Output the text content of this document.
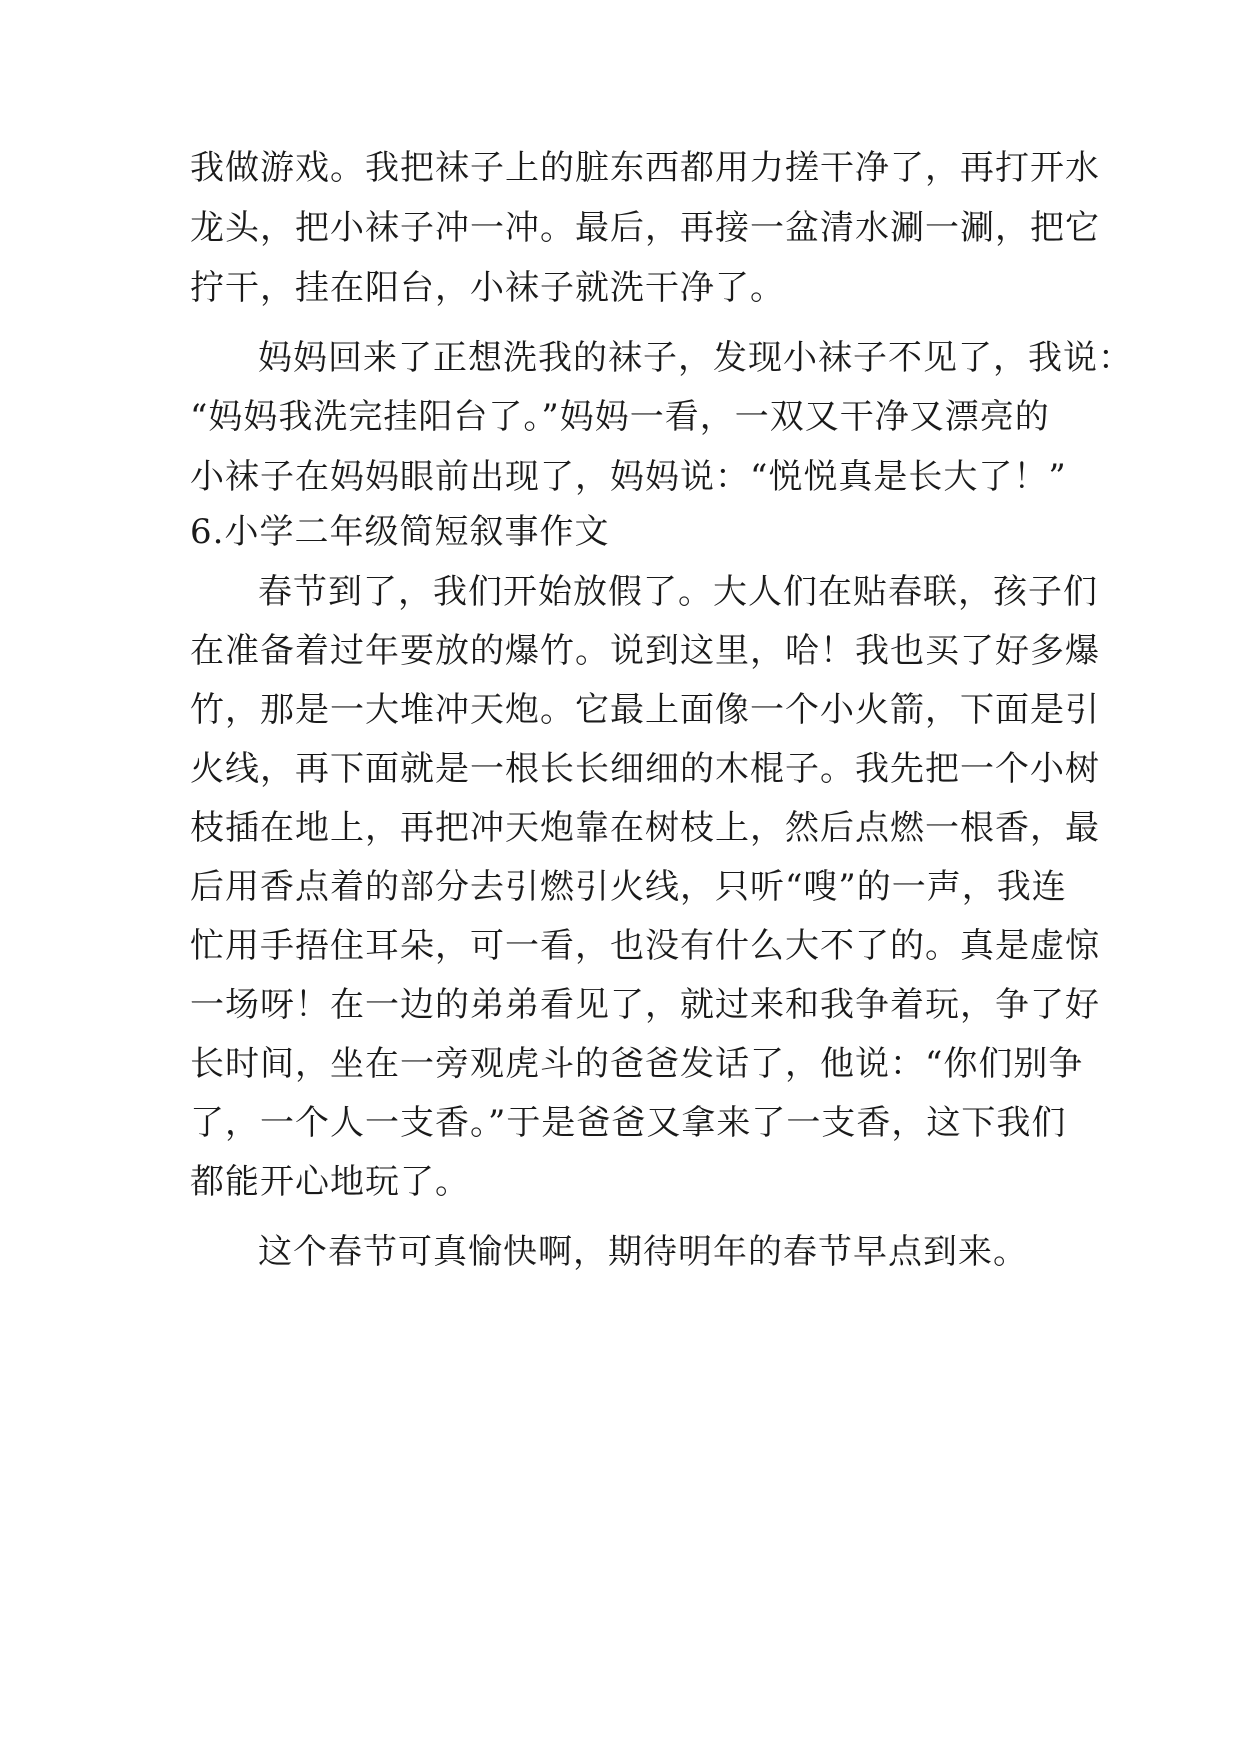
我做游戏。我把袜子上的脏东西都用力搓干净了，再打开水
龙头，把小袜子冲一冲。最后，再接一盆清水涮一涮，把它
拧干，挂在阳台，小袜子就洗干净了。
妈妈回来了正想洗我的袜子，发现小袜子不见了，我说：
“妈妈我洗完挂阳台了。”妈妈一看，一双又干净又漂亮的
小袜子在妈妈眼前出现了，妈妈说：“悦悦真是长大了！”
6.小学二年级简短叙事作文
春节到了，我们开始放假了。大人们在贴春联，孩子们
在准备着过年要放的爆竹。说到这里，哈！我也买了好多爆
竹，那是一大堆冲天炮。它最上面像一个小火箭，下面是引
火线，再下面就是一根长长细细的木棍子。我先把一个小树
枝插在地上，再把冲天炮靠在树枝上，然后点燃一根香，最
后用香点着的部分去引燃引火线，只听“嗖”的一声，我连
忙用手捂住耳朵，可一看，也没有什么大不了的。真是虚惊
一场呀！在一边的弟弟看见了，就过来和我争着玩，争了好
长时间，坐在一旁观虎斗的爸爸发话了，他说：“你们别争
了，一个人一支香。”于是爸爸又拿来了一支香，这下我们
都能开心地玩了。
这个春节可真愉快啊，期待明年的春节早点到来。
